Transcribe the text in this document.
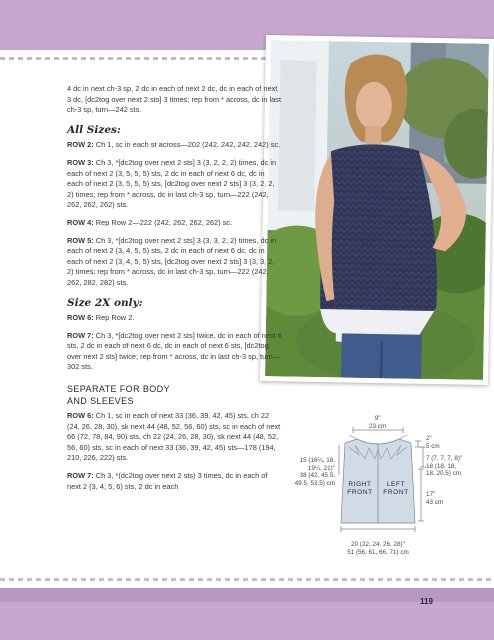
119

4 dc in next ch-3 sp, 2 dc in each of next 2 dc, dc in each of next 3 dc, [dc2tog over next 2 sts] 3 times; rep from * across, dc in last ch-3 sp, turn—242 sts.

All Sizes:

ROW 2: Ch 1, sc in each st across—202 (242, 242, 242, 242) sc.

ROW 3: Ch 3, *[dc2tog over next 2 sts] 3 (3, 2, 2, 2) times, dc in each of next 2 (3, 5, 5, 5) sts, 2 dc in each of next 6 dc, dc in each of next 2 (3, 5, 5, 5) sts, [dc2tog over next 2 sts] 3 (3, 2, 2, 2) times; rep from * across, dc in last ch-3 sp, turn—222 (242, 262, 262, 262) sts.

ROW 4: Rep Row 2—222 (242, 262, 262, 262) sc.

ROW 5: Ch 3, *[dc2tog over next 2 sts] 3 (3, 3, 2, 2) times, dc in each of next 2 (3, 4, 5, 5) sts, 2 dc in each of next 6 dc, dc in each of next 2 (3, 4, 5, 5) sts, [dc2tog over next 2 sts] 3 (3, 3, 2, 2) times; rep from * across, dc in last ch-3 sp, turn—222 (242, 262, 282, 282) sts.

Size 2X only:

ROW 6: Rep Row 2.

ROW 7: Ch 3, *[dc2tog over next 2 sts] twice, dc in each of next 6 sts, 2 dc in each of next 6 dc, dc in each of next 6 sts, [dc2tog over next 2 sts] twice; rep from * across, dc in last ch-3 sp, turn—302 sts.

SEPARATE FOR BODY
AND SLEEVES

ROW 6: Ch 1, sc in each of next 33 (36, 39, 42, 45) sts, ch 22 (24, 26, 28, 30), sk next 44 (48, 52, 56, 60) sts, sc in each of next 66 (72, 78, 84, 90) sts, ch 22 (24, 26, 28, 30), sk next 44 (48, 52, 56, 60) sts, sc in each of next 33 (36, 39, 42, 45) sts—178 (194, 210, 226, 222) sts.

ROW 7: Ch 3, *(dc2tog over next 2 sts) 3 times, dc in each of next 2 (3, 4, 5, 6) sts, 2 dc in each

9"
23 cm
2"
5 cm
7 (7, 7, 7, 8)"
18 (18, 18,
18, 20.5) cm
15 (16¼, 18,
19¼, 21)"
38 (42, 45.5,
49.5, 53.5) cm
17"
43 cm
20 (22, 24, 26, 28)"
51 (56, 61, 66, 71) cm
RIGHT
FRONT
LEFT
FRONT
